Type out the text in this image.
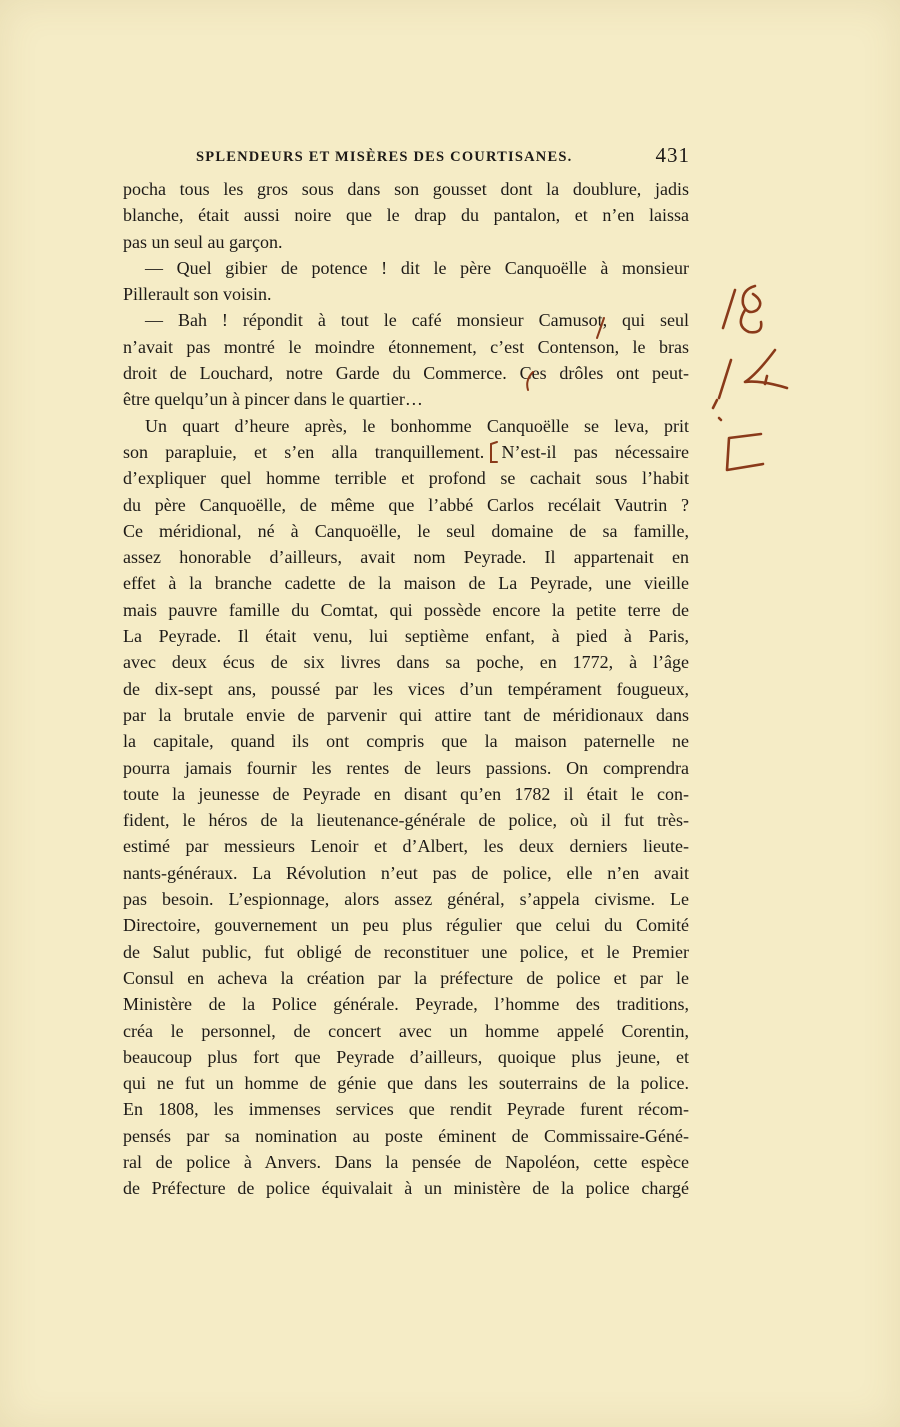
SPLENDEURS ET MISÈRES DES COURTISANES.	431
pocha tous les gros sous dans son gousset dont la doublure, jadis
blanche, était aussi noire que le drap du pantalon, et n’en laissa
pas un seul au garçon.
— Quel gibier de potence ! dit le père Canquoëlle à monsieur
Pillerault son voisin.
— Bah ! répondit à tout le café monsieur Camusot, qui seul
n’avait pas montré le moindre étonnement, c’est Contenson, le bras
droit de Louchard, notre Garde du Commerce. Ces drôles ont peut-
être quelqu’un à pincer dans le quartier…
Un quart d’heure après, le bonhomme Canquoëlle se leva, prit
son parapluie, et s’en alla tranquillement. N’est-il pas nécessaire
d’expliquer quel homme terrible et profond se cachait sous l’habit
du père Canquoëlle, de même que l’abbé Carlos recélait Vautrin ?
Ce méridional, né à Canquoëlle, le seul domaine de sa famille,
assez honorable d’ailleurs, avait nom Peyrade. Il appartenait en
effet à la branche cadette de la maison de La Peyrade, une vieille
mais pauvre famille du Comtat, qui possède encore la petite terre de
La Peyrade. Il était venu, lui septième enfant, à pied à Paris,
avec deux écus de six livres dans sa poche, en 1772, à l’âge
de dix-sept ans, poussé par les vices d’un tempérament fougueux,
par la brutale envie de parvenir qui attire tant de méridionaux dans
la capitale, quand ils ont compris que la maison paternelle ne
pourra jamais fournir les rentes de leurs passions. On comprendra
toute la jeunesse de Peyrade en disant qu’en 1782 il était le con-
fident, le héros de la lieutenance-générale de police, où il fut très-
estimé par messieurs Lenoir et d’Albert, les deux derniers lieute-
nants-généraux. La Révolution n’eut pas de police, elle n’en avait
pas besoin. L’espionnage, alors assez général, s’appela civisme. Le
Directoire, gouvernement un peu plus régulier que celui du Comité
de Salut public, fut obligé de reconstituer une police, et le Premier
Consul en acheva la création par la préfecture de police et par le
Ministère de la Police générale. Peyrade, l’homme des traditions,
créa le personnel, de concert avec un homme appelé Corentin,
beaucoup plus fort que Peyrade d’ailleurs, quoique plus jeune, et
qui ne fut un homme de génie que dans les souterrains de la police.
En 1808, les immenses services que rendit Peyrade furent récom-
pensés par sa nomination au poste éminent de Commissaire-Géné-
ral de police à Anvers. Dans la pensée de Napoléon, cette espèce
de Préfecture de police équivalait à un ministère de la police chargé
